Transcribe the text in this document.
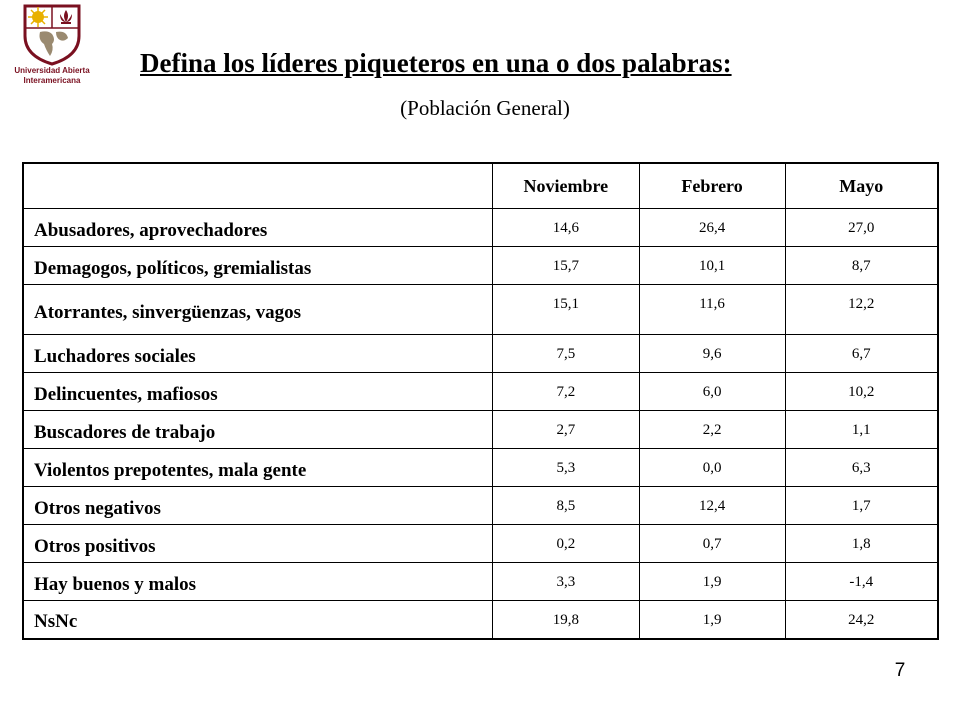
Universidad Abierta
Interamericana
Defina los líderes piqueteros en una o dos palabras:
(Población General)
	Noviembre	Febrero	Mayo
Abusadores, aprovechadores	14,6	26,4	27,0
Demagogos, políticos, gremialistas	15,7	10,1	8,7
Atorrantes, sinvergüenzas, vagos	15,1	11,6	12,2
Luchadores sociales	7,5	9,6	6,7
Delincuentes, mafiosos	7,2	6,0	10,2
Buscadores de trabajo	2,7	2,2	1,1
Violentos prepotentes, mala gente	5,3	0,0	6,3
Otros negativos	8,5	12,4	1,7
Otros positivos	0,2	0,7	1,8
Hay buenos y malos	3,3	1,9	-1,4
NsNc	19,8	1,9	24,2
7
